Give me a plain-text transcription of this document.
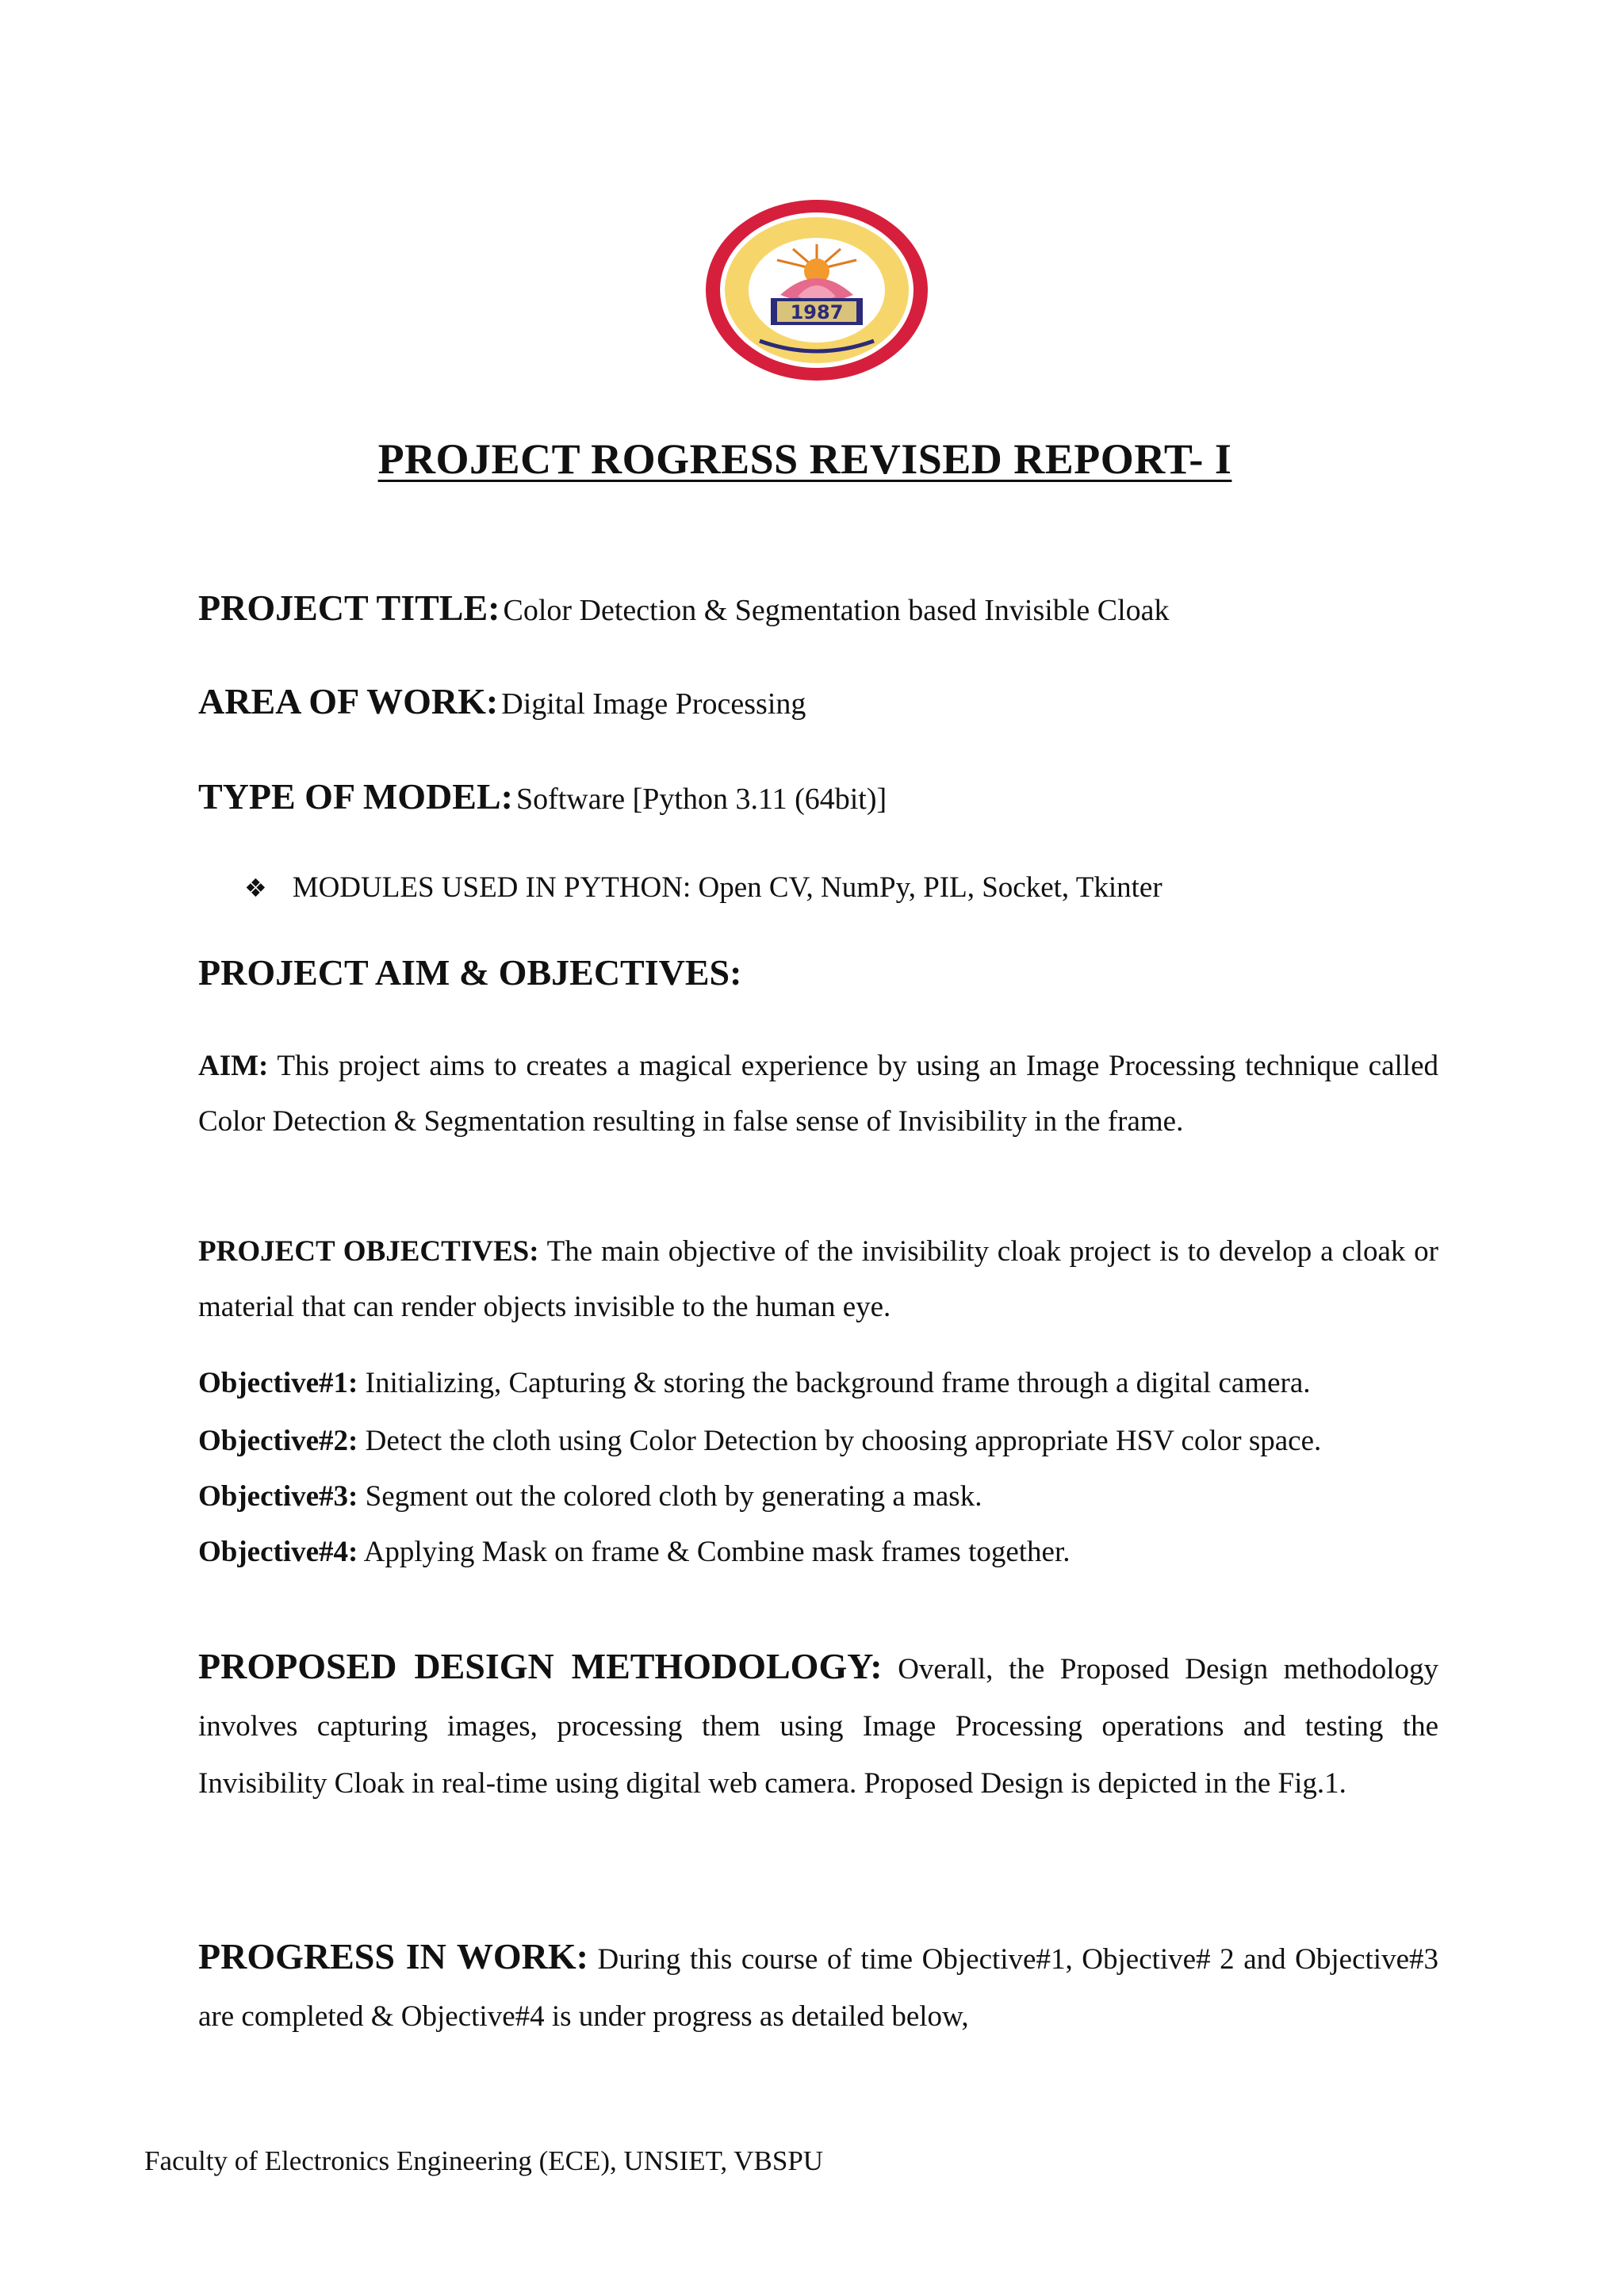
1987
PROJECT ROGRESS REVISED REPORT- I
PROJECT TITLE: Color Detection & Segmentation based Invisible Cloak
AREA OF WORK: Digital Image Processing
TYPE OF MODEL: Software [Python 3.11 (64bit)]
❖ MODULES USED IN PYTHON: Open CV, NumPy, PIL, Socket, Tkinter
PROJECT AIM & OBJECTIVES:
AIM: This project aims to creates a magical experience by using an Image Processing technique called Color Detection & Segmentation resulting in false sense of Invisibility in the frame.
PROJECT OBJECTIVES: The main objective of the invisibility cloak project is to develop a cloak or material that can render objects invisible to the human eye.
Objective#1: Initializing, Capturing & storing the background frame through a digital camera.
Objective#2: Detect the cloth using Color Detection by choosing appropriate HSV color space.
Objective#3: Segment out the colored cloth by generating a mask.
Objective#4: Applying Mask on frame & Combine mask frames together.
PROPOSED DESIGN METHODOLOGY: Overall, the Proposed Design methodology involves capturing images, processing them using Image Processing operations and testing the Invisibility Cloak in real-time using digital web camera. Proposed Design is depicted in the Fig.1.
PROGRESS IN WORK: During this course of time Objective#1, Objective# 2 and Objective#3 are completed & Objective#4 is under progress as detailed below,
Faculty of Electronics Engineering (ECE), UNSIET, VBSPU
